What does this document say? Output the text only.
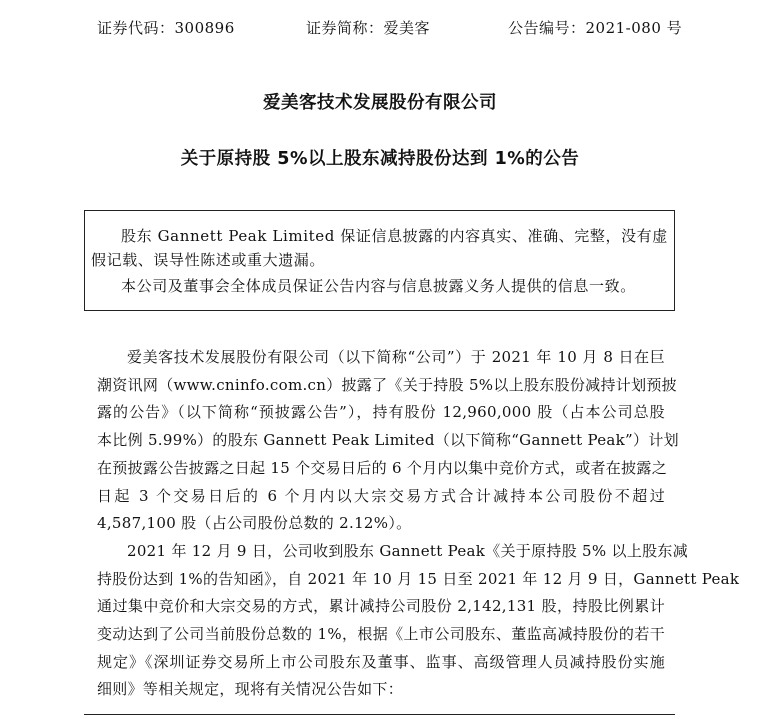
证券代码：300896	证券简称：爱美客	公告编号：2021-080 号
爱美客技术发展股份有限公司
关于原持股 5%以上股东减持股份达到 1%的公告

股东 Gannett Peak Limited 保证信息披露的内容真实、准确、完整，没有虚假记载、误导性陈述或重大遗漏。

本公司及董事会全体成员保证公告内容与信息披露义务人提供的信息一致。

爱美客技术发展股份有限公司（以下简称“公司”）于 2021 年 10 月 8 日在巨
潮资讯网（www.cninfo.com.cn）披露了《关于持股 5%以上股东股份减持计划预披
露的公告》（以下简称“预披露公告”），持有股份 12,960,000 股（占本公司总股
本比例 5.99%）的股东 Gannett Peak Limited（以下简称“Gannett Peak”）计划
在预披露公告披露之日起 15 个交易日后的 6 个月内以集中竞价方式，或者在披露之
日起 3 个交易日后的 6 个月内以大宗交易方式合计减持本公司股份不超过
4,587,100 股（占公司股份总数的 2.12%）。
2021 年 12 月 9 日，公司收到股东 Gannett Peak《关于原持股 5% 以上股东减
持股份达到 1%的告知函》，自 2021 年 10 月 15 日至 2021 年 12 月 9 日，Gannett Peak
通过集中竞价和大宗交易的方式，累计减持公司股份 2,142,131 股，持股比例累计
变动达到了公司当前股份总数的 1%，根据《上市公司股东、董监高减持股份的若干
规定》《深圳证券交易所上市公司股东及董事、监事、高级管理人员减持股份实施
细则》等相关规定，现将有关情况公告如下：
